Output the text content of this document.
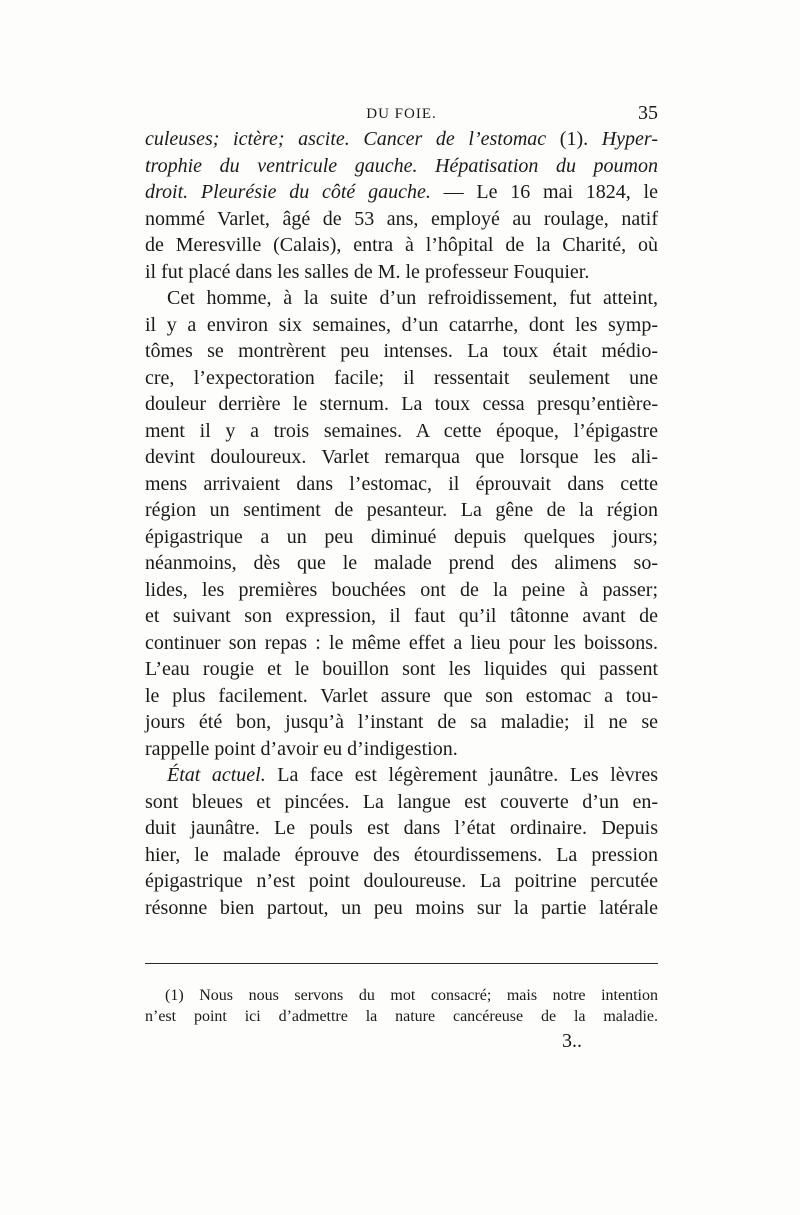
DU FOIE.	35
culeuses; ictère; ascite. Cancer de l’estomac (1). Hyper-
trophie du ventricule gauche. Hépatisation du poumon
droit. Pleurésie du côté gauche. — Le 16 mai 1824, le
nommé Varlet, âgé de 53 ans, employé au roulage, natif
de Meresville (Calais), entra à l’hôpital de la Charité, où
il fut placé dans les salles de M. le professeur Fouquier.
Cet homme, à la suite d’un refroidissement, fut atteint,
il y a environ six semaines, d’un catarrhe, dont les symp-
tômes se montrèrent peu intenses. La toux était médio-
cre, l’expectoration facile; il ressentait seulement une
douleur derrière le sternum. La toux cessa presqu’entière-
ment il y a trois semaines. A cette époque, l’épigastre
devint douloureux. Varlet remarqua que lorsque les ali-
mens arrivaient dans l’estomac, il éprouvait dans cette
région un sentiment de pesanteur. La gêne de la région
épigastrique a un peu diminué depuis quelques jours;
néanmoins, dès que le malade prend des alimens so-
lides, les premières bouchées ont de la peine à passer;
et suivant son expression, il faut qu’il tâtonne avant de
continuer son repas : le même effet a lieu pour les boissons.
L’eau rougie et le bouillon sont les liquides qui passent
le plus facilement. Varlet assure que son estomac a tou-
jours été bon, jusqu’à l’instant de sa maladie; il ne se
rappelle point d’avoir eu d’indigestion.
État actuel. La face est légèrement jaunâtre. Les lèvres
sont bleues et pincées. La langue est couverte d’un en-
duit jaunâtre. Le pouls est dans l’état ordinaire. Depuis
hier, le malade éprouve des étourdissemens. La pression
épigastrique n’est point douloureuse. La poitrine percutée
résonne bien partout, un peu moins sur la partie latérale
(1) Nous nous servons du mot consacré; mais notre intention
n’est point ici d’admettre la nature cancéreuse de la maladie.
3..
